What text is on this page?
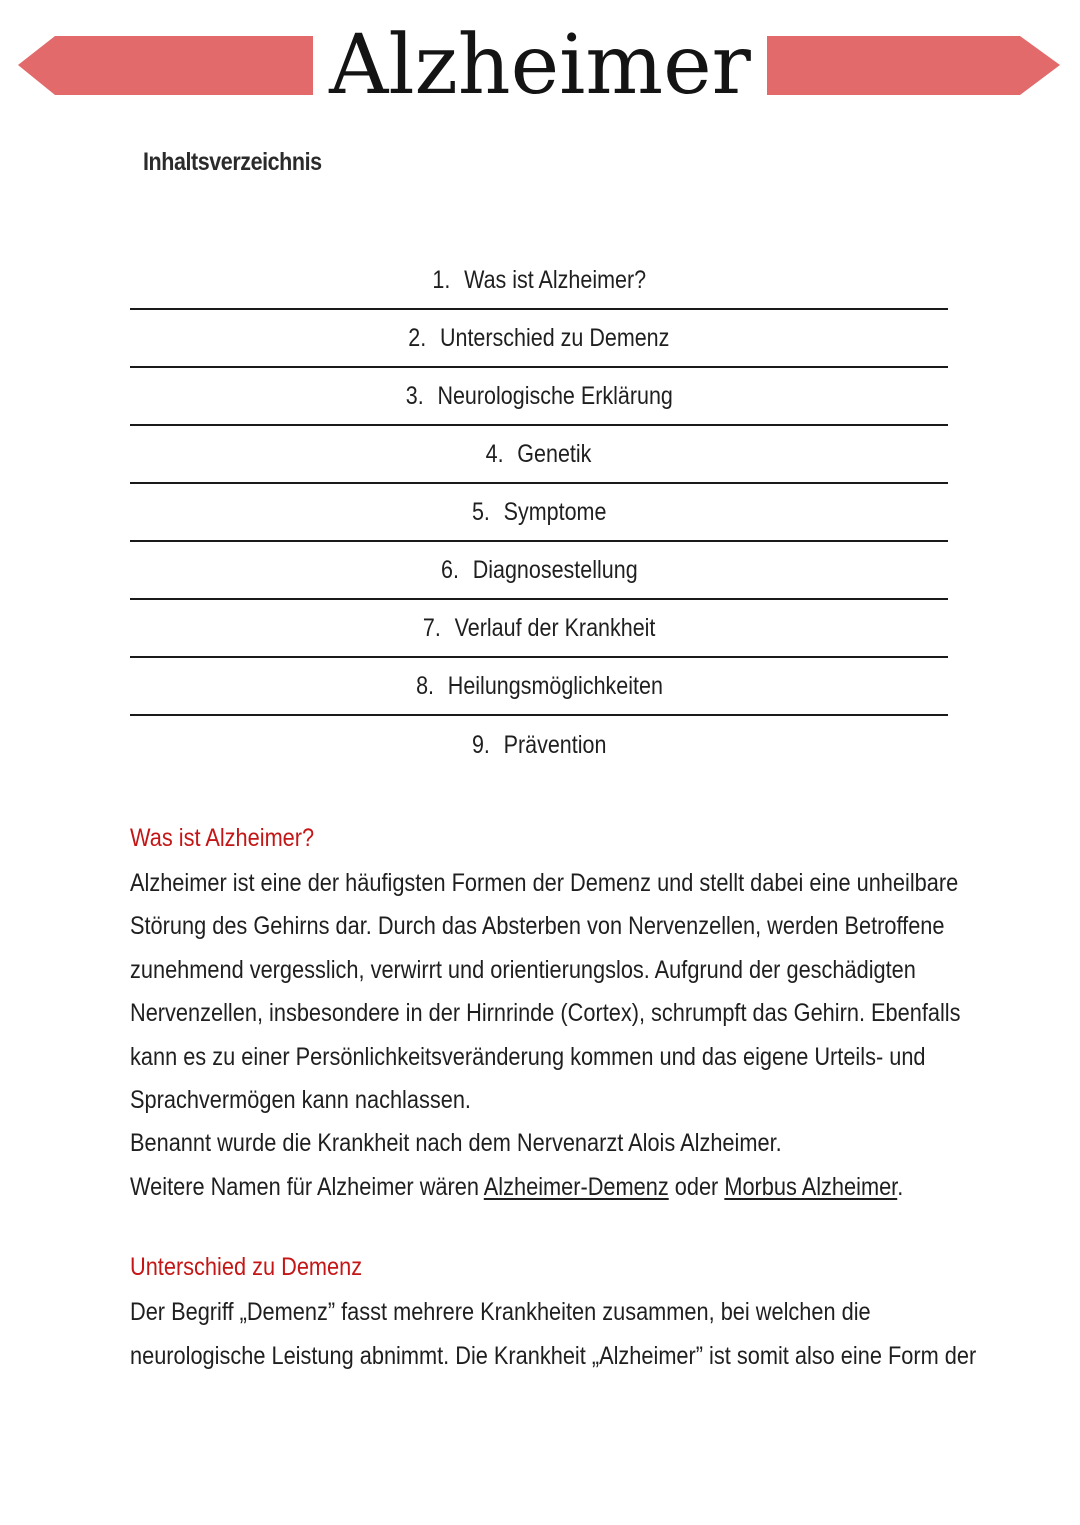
Alzheimer
Inhaltsverzeichnis
1. Was ist Alzheimer?
2. Unterschied zu Demenz
3. Neurologische Erklärung
4. Genetik
5. Symptome
6. Diagnosestellung
7. Verlauf der Krankheit
8. Heilungsmöglichkeiten
9. Prävention
Was ist Alzheimer?

Alzheimer ist eine der häufigsten Formen der Demenz und stellt dabei eine unheilbare

Störung des Gehirns dar. Durch das Absterben von Nervenzellen, werden Betroffene

zunehmend vergesslich, verwirrt und orientierungslos. Aufgrund der geschädigten

Nervenzellen, insbesondere in der Hirnrinde (Cortex), schrumpft das Gehirn. Ebenfalls

kann es zu einer Persönlichkeitsveränderung kommen und das eigene Urteils- und

Sprachvermögen kann nachlassen.

Benannt wurde die Krankheit nach dem Nervenarzt Alois Alzheimer.

Weitere Namen für Alzheimer wären Alzheimer-Demenz oder Morbus Alzheimer.

Unterschied zu Demenz

Der Begriff „Demenz” fasst mehrere Krankheiten zusammen, bei welchen die

neurologische Leistung abnimmt. Die Krankheit „Alzheimer” ist somit also eine Form der
